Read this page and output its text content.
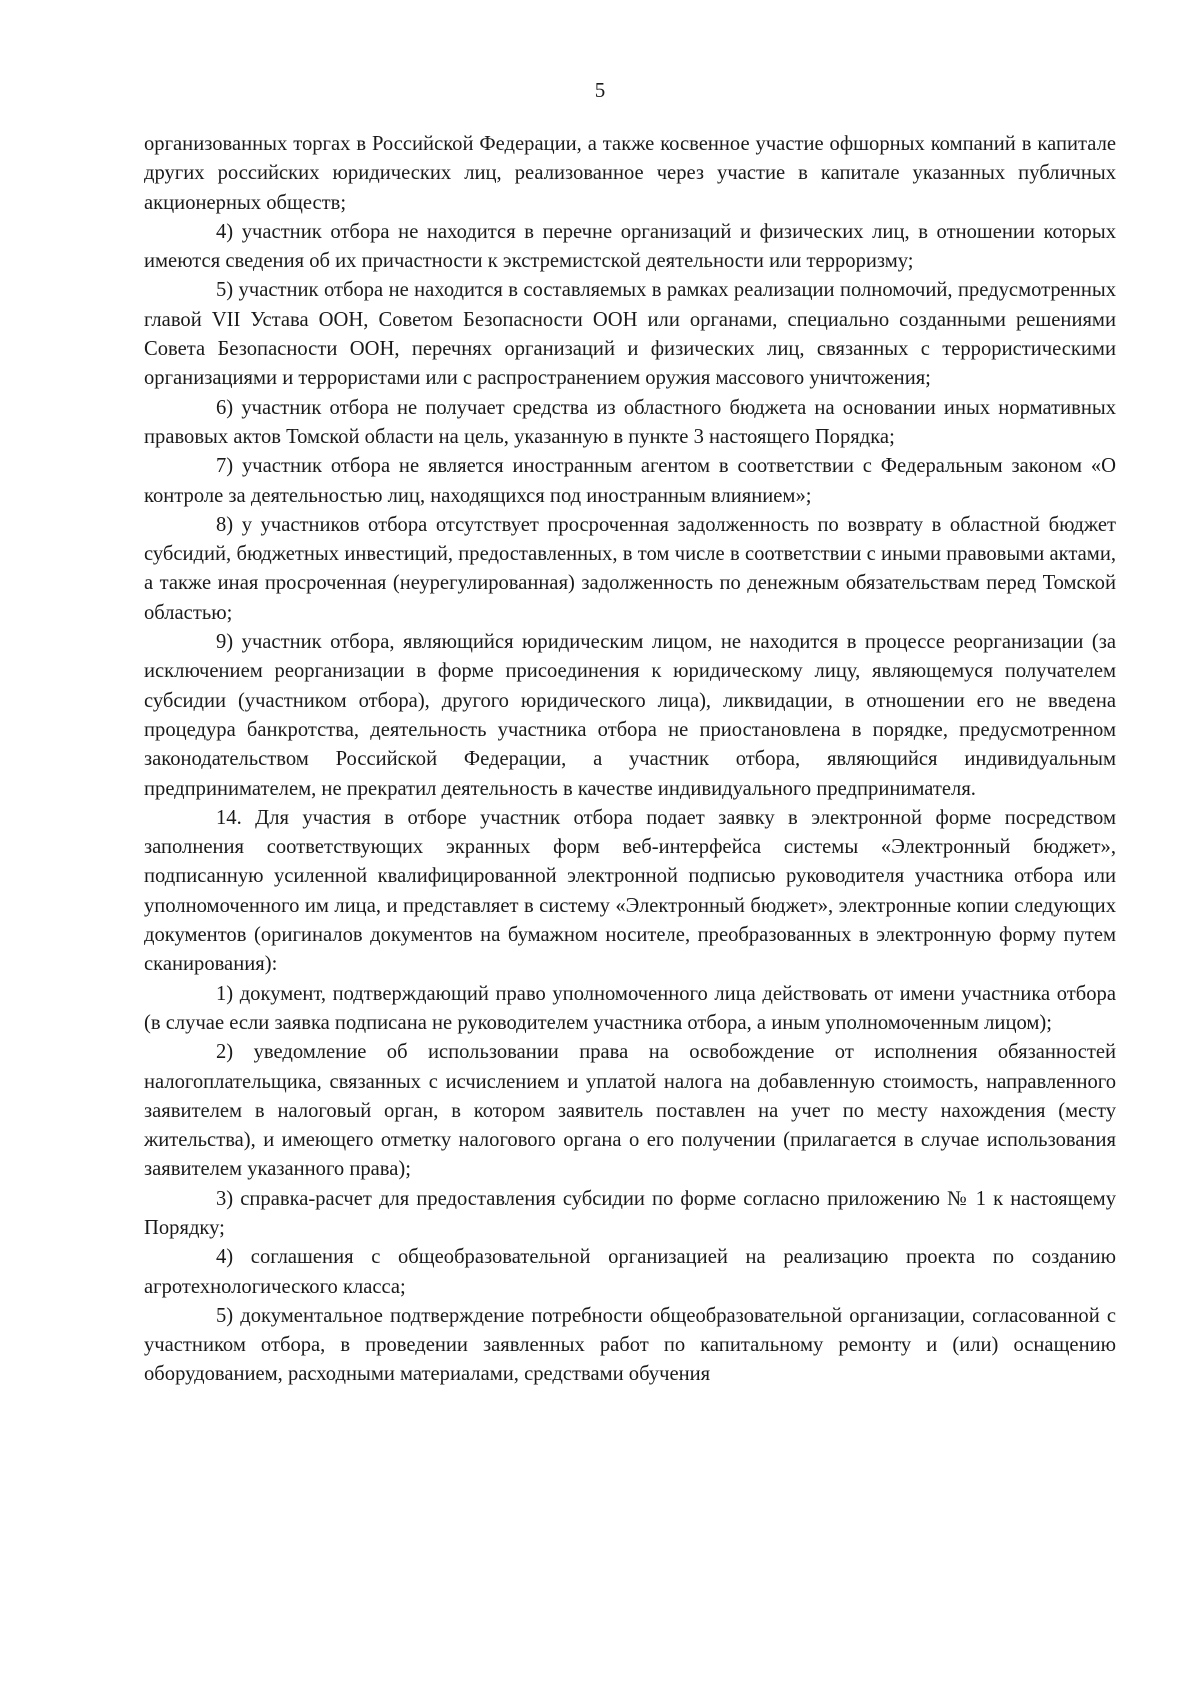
5

организованных торгах в Российской Федерации, а также косвенное участие офшорных компаний в капитале других российских юридических лиц, реализованное через участие в капитале указанных публичных акционерных обществ;

4) участник отбора не находится в перечне организаций и физических лиц, в отношении которых имеются сведения об их причастности к экстремистской деятельности или терроризму;

5) участник отбора не находится в составляемых в рамках реализации полномочий, предусмотренных главой VII Устава ООН, Советом Безопасности ООН или органами, специально созданными решениями Совета Безопасности ООН, перечнях организаций и физических лиц, связанных с террористическими организациями и террористами или с распространением оружия массового уничтожения;

6) участник отбора не получает средства из областного бюджета на основании иных нормативных правовых актов Томской области на цель, указанную в пункте 3 настоящего Порядка;

7) участник отбора не является иностранным агентом в соответствии с Федеральным законом «О контроле за деятельностью лиц, находящихся под иностранным влиянием»;

8) у участников отбора отсутствует просроченная задолженность по возврату в областной бюджет субсидий, бюджетных инвестиций, предоставленных, в том числе в соответствии с иными правовыми актами, а также иная просроченная (неурегулированная) задолженность по денежным обязательствам перед Томской областью;

9) участник отбора, являющийся юридическим лицом, не находится в процессе реорганизации (за исключением реорганизации в форме присоединения к юридическому лицу, являющемуся получателем субсидии (участником отбора), другого юридического лица), ликвидации, в отношении его не введена процедура банкротства, деятельность участника отбора не приостановлена в порядке, предусмотренном законодательством Российской Федерации, а участник отбора, являющийся индивидуальным предпринимателем, не прекратил деятельность в качестве индивидуального предпринимателя.

14. Для участия в отборе участник отбора подает заявку в электронной форме посредством заполнения соответствующих экранных форм веб-интерфейса системы «Электронный бюджет», подписанную усиленной квалифицированной электронной подписью руководителя участника отбора или уполномоченного им лица, и представляет в систему «Электронный бюджет», электронные копии следующих документов (оригиналов документов на бумажном носителе, преобразованных в электронную форму путем сканирования):

1) документ, подтверждающий право уполномоченного лица действовать от имени участника отбора (в случае если заявка подписана не руководителем участника отбора, а иным уполномоченным лицом);

2) уведомление об использовании права на освобождение от исполнения обязанностей налогоплательщика, связанных с исчислением и уплатой налога на добавленную стоимость, направленного заявителем в налоговый орган, в котором заявитель поставлен на учет по месту нахождения (месту жительства), и имеющего отметку налогового органа о его получении (прилагается в случае использования заявителем указанного права);

3) справка-расчет для предоставления субсидии по форме согласно приложению № 1 к настоящему Порядку;

4) соглашения с общеобразовательной организацией на реализацию проекта по созданию агротехнологического класса;

5) документальное подтверждение потребности общеобразовательной организации, согласованной с участником отбора, в проведении заявленных работ по капитальному ремонту и (или) оснащению оборудованием, расходными материалами, средствами обучения
